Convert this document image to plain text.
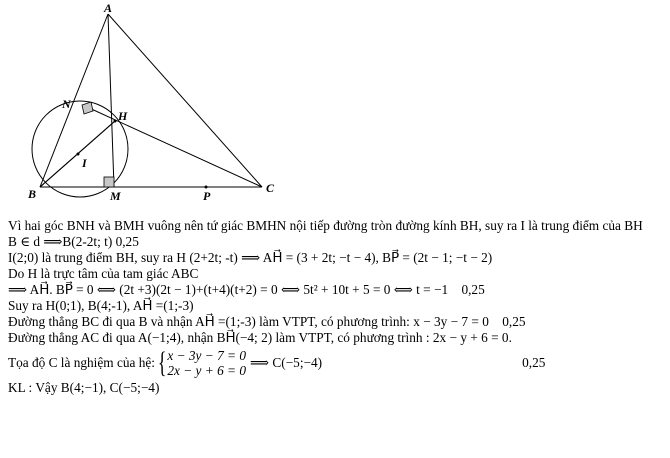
A
N
H
I
B	M	P
C
Vì hai góc BNH và BMH vuông nên tứ giác BMHN nội tiếp đường tròn đường kính BH, suy ra I là trung điểm của BH
B ∈ d ⟹B(2-2t; t) 0,25
I(2;0) là trung điểm BH, suy ra H (2+2t; -t) ⟹ AH⃗ = (3 + 2t; −t − 4), BP⃗ = (2t − 1; −t − 2)
Do H là trực tâm của tam giác ABC
⟹ AH⃗. BP⃗ = 0 ⟺ (2t +3)(2t − 1)+(t+4)(t+2) = 0 ⟺ 5t² + 10t + 5 = 0 ⟺ t = −1 0,25
Suy ra H(0;1), B(4;-1), AH⃗ =(1;-3)
Đường thẳng BC đi qua B và nhận AH⃗ =(1;-3) làm VTPT, có phương trình: x − 3y − 7 = 0 0,25
Đường thẳng AC đi qua A(−1;4), nhận BH⃗(−4; 2) làm VTPT, có phương trình : 2x − y + 6 = 0.
Tọa độ C là nghiệm của hệ: { x − 3y − 7 = 0
2x − y + 6 = 0
⟹ C(−5;−4)	0,25
KL : Vậy B(4;−1), C(−5;−4)
